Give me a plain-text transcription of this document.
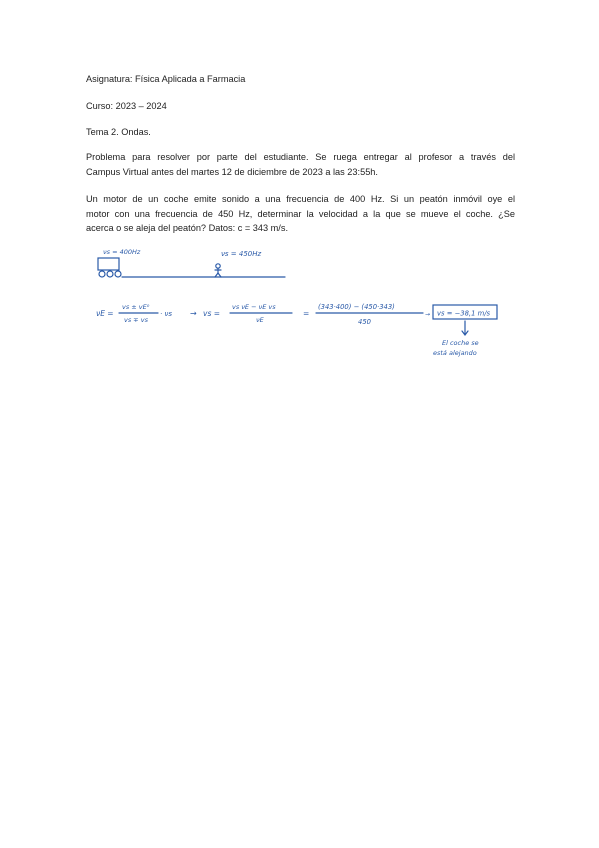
Asignatura: Física Aplicada a Farmacia

Curso: 2023 – 2024

Tema 2. Ondas.

Problema para resolver por parte del estudiante. Se ruega entregar al profesor a través del
Campus Virtual antes del martes 12 de diciembre de 2023 a las 23:55h.
Un motor de un coche emite sonido a una frecuencia de 400 Hz. Si un peatón inmóvil oye el
motor con una frecuencia de 450 Hz, determinar la velocidad a la que se mueve el coche. ¿Se
acerca o se aleja del peatón? Datos: c = 343 m/s.
νs = 400Hz	νs = 450Hz
νE =
vs ± vE⁰
vs ∓ vs
· νs → vs =
vs νE − νE vs
νE
=
(343·400) − (450·343)
450
→ vs = −38,1 m/s
El coche se
está alejando
